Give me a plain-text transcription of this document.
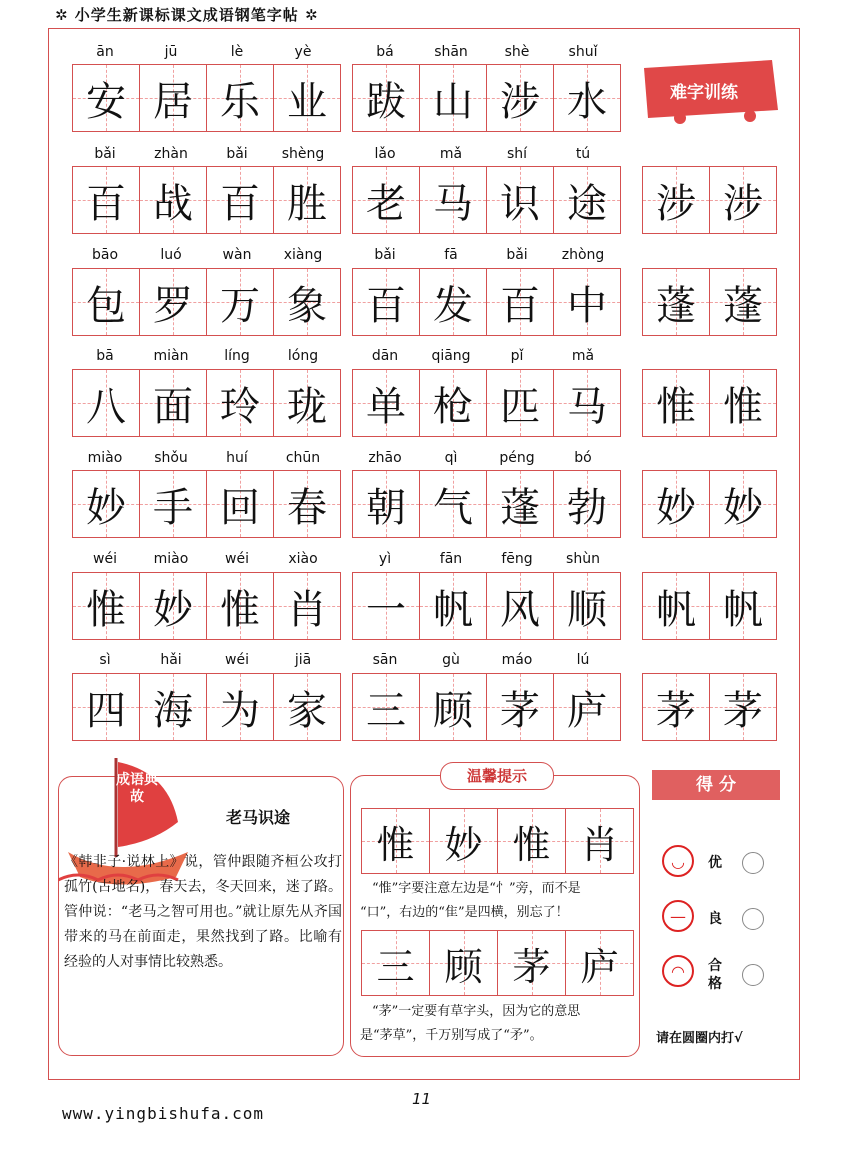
✲ 小学生新课标课文成语钢笔字帖 ✲
难字训练
ān	jū	lè	yè	bá	shān	shè	shuǐ
安 居 乐 业 跋 山 涉 水
bǎi	zhàn	bǎi	shèng	lǎo	mǎ	shí	tú
百 战 百 胜 老 马 识 途 涉 涉
bāo	luó	wàn	xiàng	bǎi	fā	bǎi	zhòng
包 罗 万 象 百 发 百 中 蓬 蓬
bā	miàn	líng	lóng	dān	qiāng	pǐ	mǎ
八 面 玲 珑 单 枪 匹 马 惟 惟
miào	shǒu	huí	chūn	zhāo	qì	péng	bó
妙 手 回 春 朝 气 蓬 勃 妙 妙
wéi	miào	wéi	xiào	yì	fān	fēng	shùn
惟 妙 惟 肖 一 帆 风 顺 帆 帆
sì	hǎi	wéi	jiā	sān	gù	máo	lú
四 海 为 家 三 顾 茅 庐 茅 茅
成语典故
老马识途
《韩非子·说林上》说，管仲跟随齐桓公攻打孤竹(古地名)，春天去，冬天回来，迷了路。管仲说：“老马之智可用也。”就让原先从齐国带来的马在前面走，果然找到了路。比喻有经验的人对事情比较熟悉。
温馨提示
惟 妙 惟 肖
“惟”字要注意左边是“忄”旁，而不是
“口”，右边的“隹”是四横，别忘了！
三 顾 茅 庐
“茅”一定要有草字头，因为它的意思
是“茅草”，千万别写成了“矛”。
得 分
◡	优
—	良
◠	合格
请在圆圈内打√
11
www.yingbishufa.com
